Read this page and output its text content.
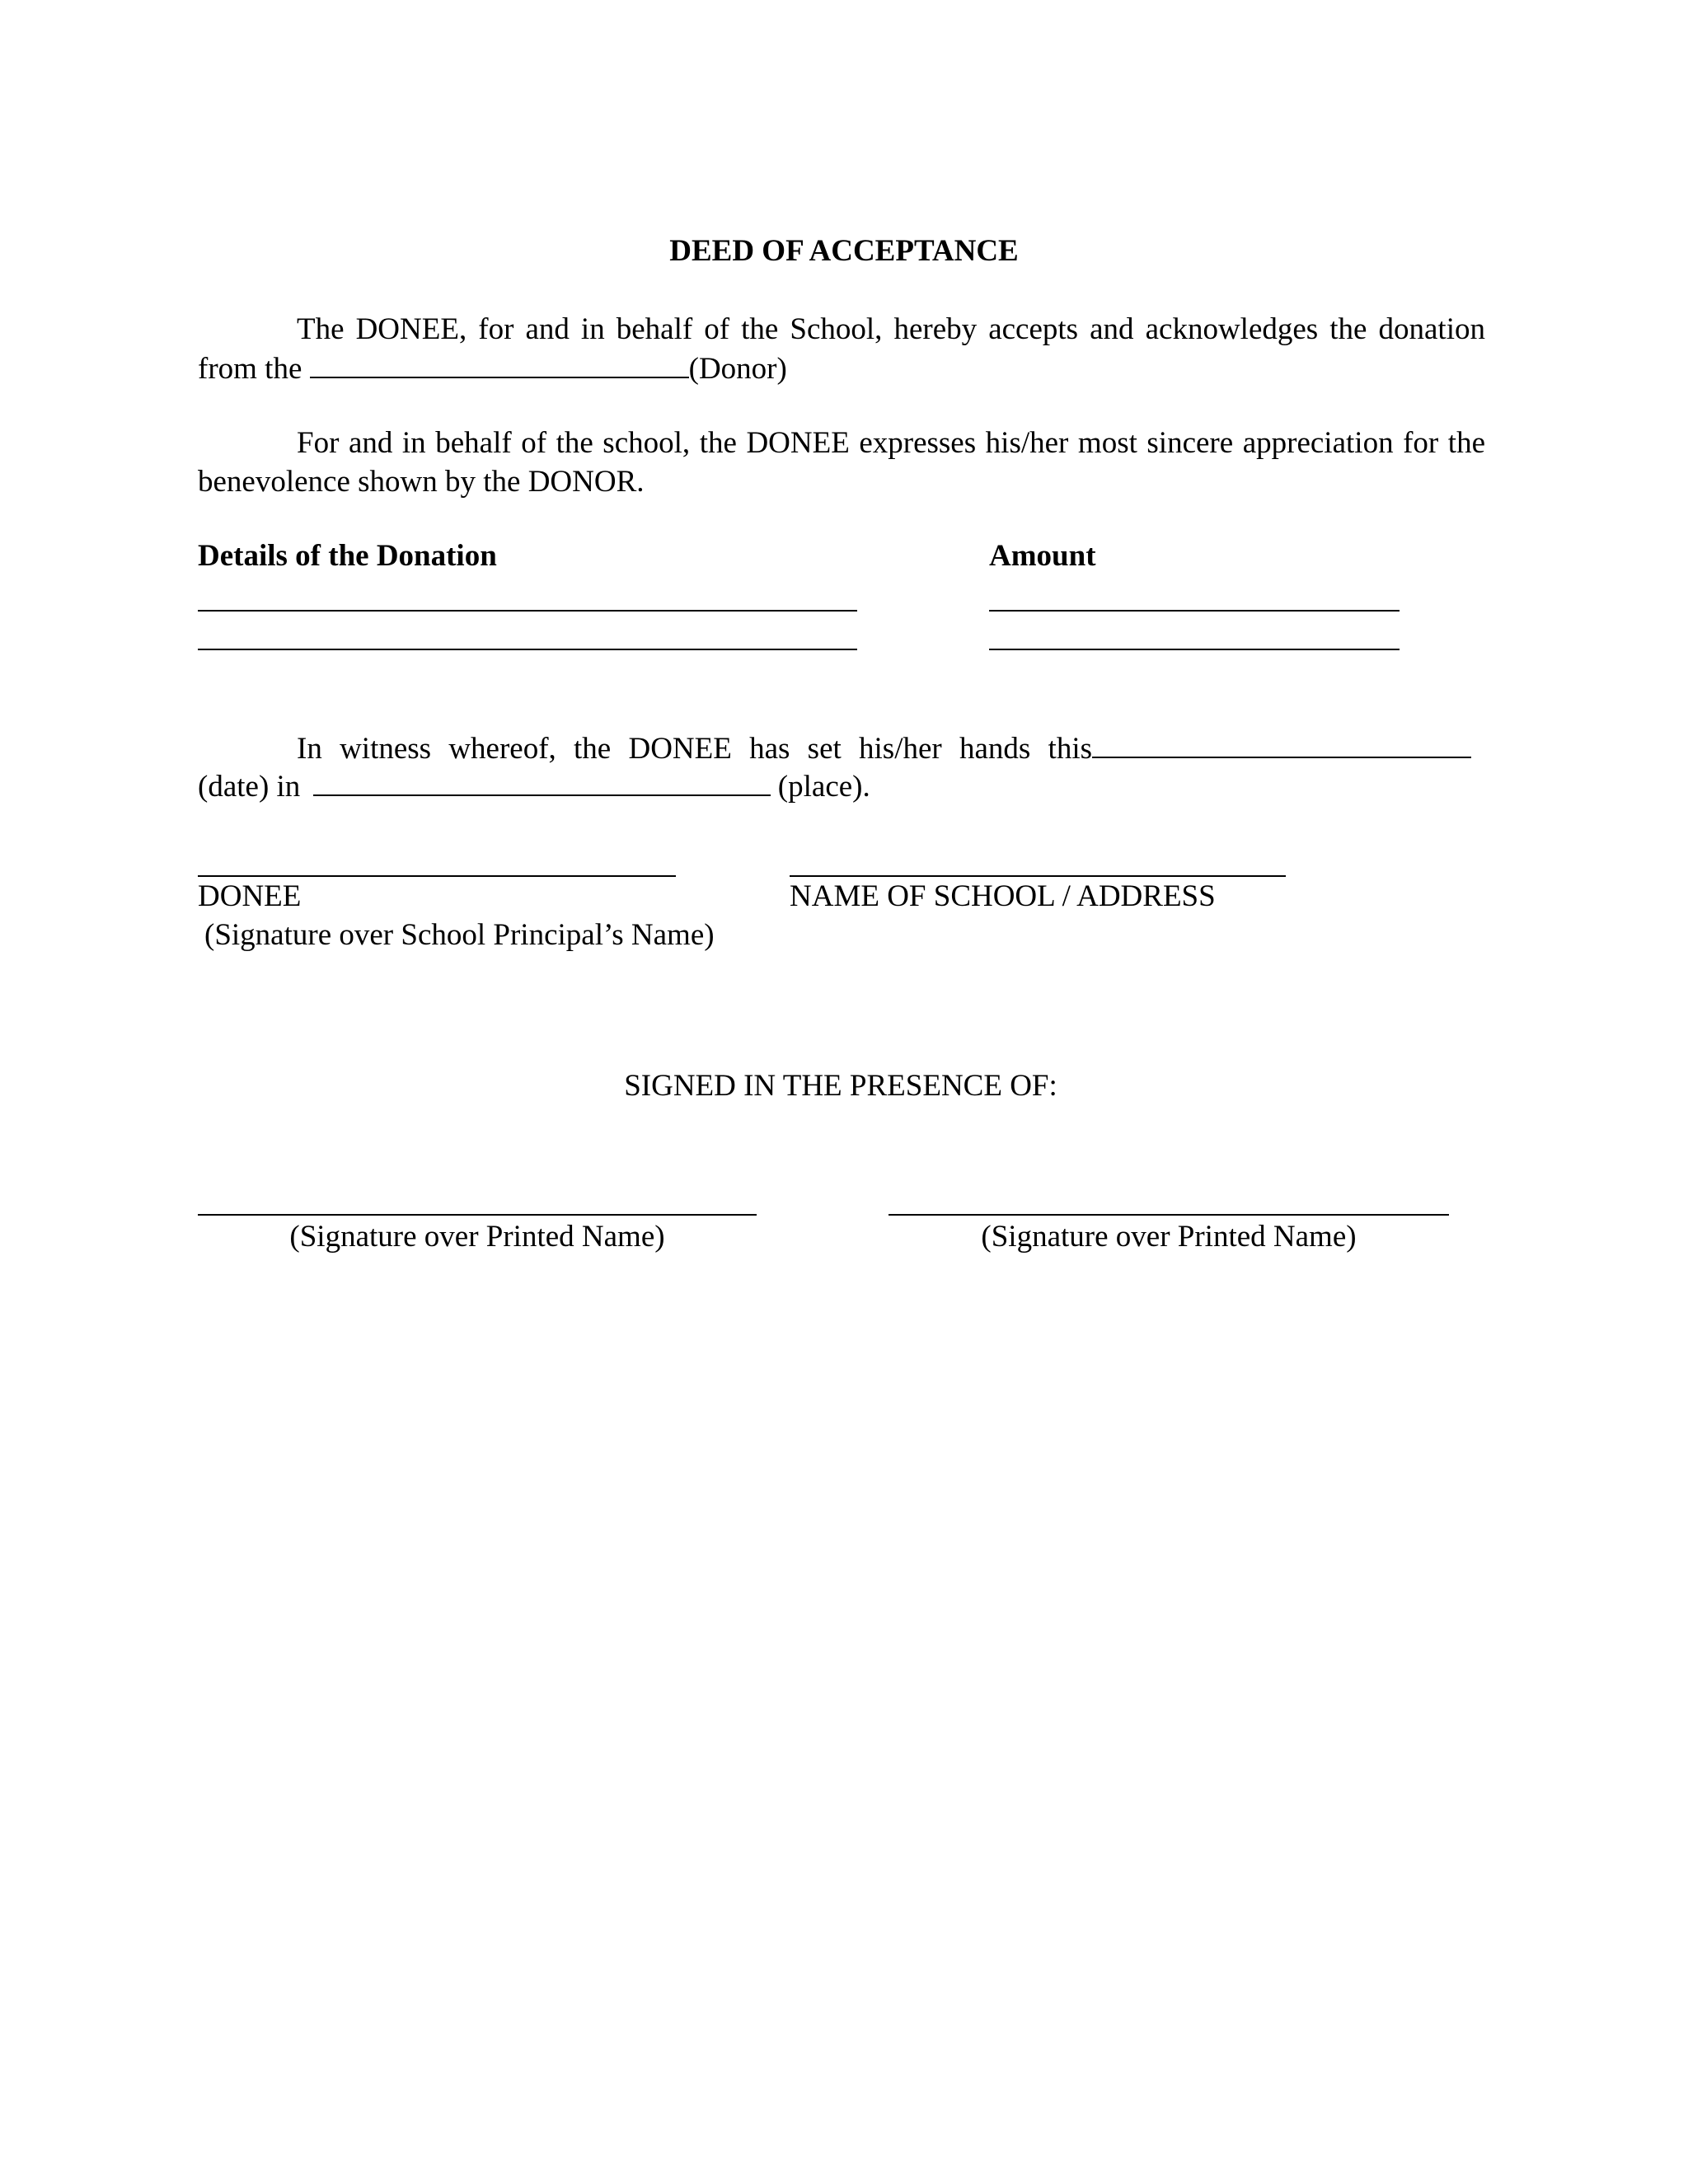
DEED OF ACCEPTANCE
The DONEE, for and in behalf of the School, hereby accepts and acknowledges the donation from the	(Donor)
For and in behalf of the school, the DONEE expresses his/her most sincere appreciation for the benevolence shown by the DONOR.
Details of the Donation	Amount
In witness whereof, the DONEE has set his/her hands this
(date) in	(place).
DONEE	NAME OF SCHOOL / ADDRESS
(Signature over School Principal’s Name)
SIGNED IN THE PRESENCE OF:
(Signature over Printed Name)	(Signature over Printed Name)
